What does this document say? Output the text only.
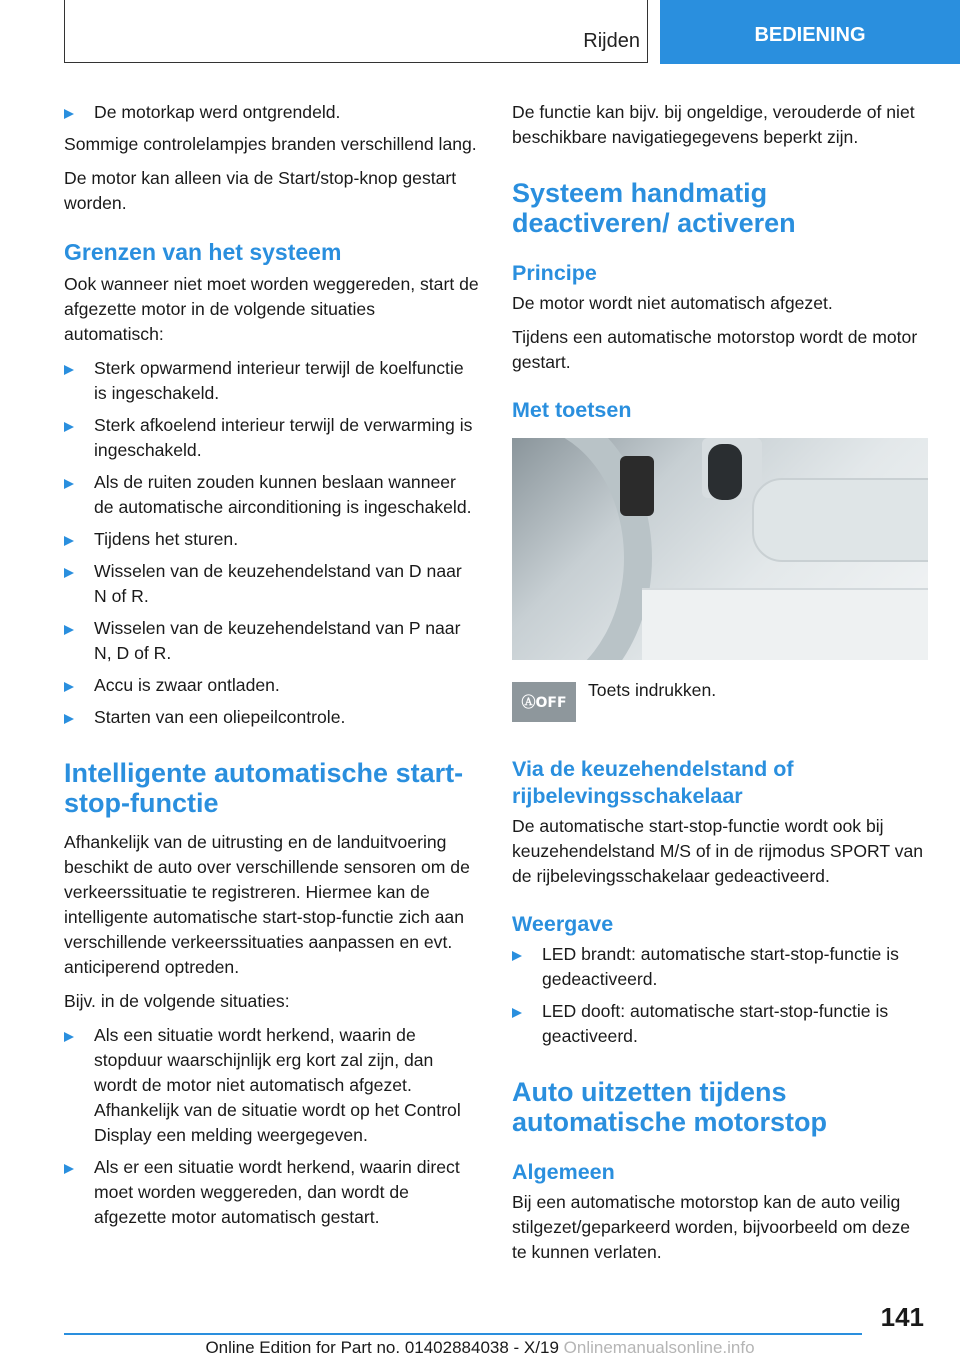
Rijden	BEDIENING
De motorkap werd ontgrendeld.

Sommige controlelampjes branden verschillend lang.

De motor kan alleen via de Start/stop-knop gestart worden.

Grenzen van het systeem

Ook wanneer niet moet worden weggereden, start de afgezette motor in de volgende situaties automatisch:

Sterk opwarmend interieur terwijl de koelfunctie is ingeschakeld.
Sterk afkoelend interieur terwijl de verwarming is ingeschakeld.
Als de ruiten zouden kunnen beslaan wanneer de automatische airconditioning is ingeschakeld.
Tijdens het sturen.
Wisselen van de keuzehendelstand van D naar N of R.
Wisselen van de keuzehendelstand van P naar N, D of R.
Accu is zwaar ontladen.
Starten van een oliepeilcontrole.
Intelligente automatische start-stop-functie

Afhankelijk van de uitrusting en de landuitvoering beschikt de auto over verschillende sensoren om de verkeerssituatie te registreren. Hiermee kan de intelligente automatische start-stop-functie zich aan verschillende verkeerssituaties aanpassen en evt. anticiperend optreden.

Bijv. in de volgende situaties:

Als een situatie wordt herkend, waarin de stopduur waarschijnlijk erg kort zal zijn, dan wordt de motor niet automatisch afgezet. Afhankelijk van de situatie wordt op het Control Display een melding weergegeven.
Als er een situatie wordt herkend, waarin direct moet worden weggereden, dan wordt de afgezette motor automatisch gestart.

De functie kan bijv. bij ongeldige, verouderde of niet beschikbare navigatiegegevens beperkt zijn.

Systeem handmatig deactiveren/ activeren
Principe

De motor wordt niet automatisch afgezet.

Tijdens een automatische motorstop wordt de motor gestart.

Met toetsen
ⒶOFF
Toets indrukken.
Via de keuzehendelstand of rijbelevingsschakelaar

De automatische start-stop-functie wordt ook bij keuzehendelstand M/S of in de rijmodus SPORT van de rijbelevingsschakelaar gedeactiveerd.

Weergave
LED brandt: automatische start-stop-functie is gedeactiveerd.
LED dooft: automatische start-stop-functie is geactiveerd.
Auto uitzetten tijdens automatische motorstop
Algemeen

Bij een automatische motorstop kan de auto veilig stilgezet/geparkeerd worden, bijvoorbeeld om deze te kunnen verlaten.

141
Online Edition for Part no. 01402884038 - X/19 Onlinemanualsonline.info
